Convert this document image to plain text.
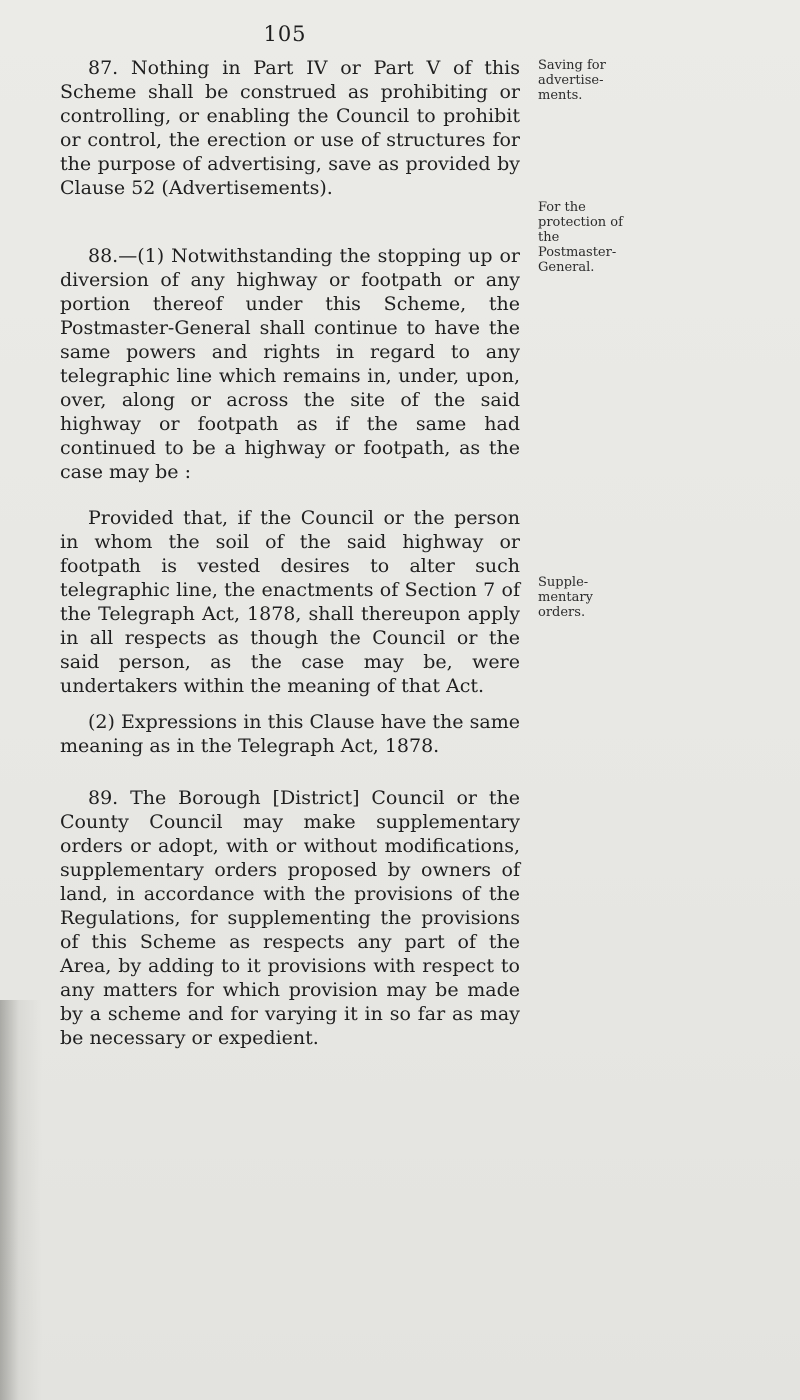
105

87. Nothing in Part IV or Part V of this Scheme shall be construed as prohibiting or controlling, or enabling the Council to prohibit or control, the erection or use of structures for the purpose of advertising, save as provided by Clause 52 (Advertisements).

88.—(1) Notwithstanding the stopping up or diversion of any highway or footpath or any portion thereof under this Scheme, the Postmaster-General shall continue to have the same powers and rights in regard to any telegraphic line which remains in, under, upon, over, along or across the site of the said highway or footpath as if the same had continued to be a highway or footpath, as the case may be :

Provided that, if the Council or the person in whom the soil of the said highway or footpath is vested desires to alter such telegraphic line, the enactments of Section 7 of the Telegraph Act, 1878, shall thereupon apply in all respects as though the Council or the said person, as the case may be, were undertakers within the meaning of that Act.

(2) Expressions in this Clause have the same meaning as in the Telegraph Act, 1878.

89. The Borough [District] Council or the County Council may make supplementary orders or adopt, with or without modifications, supplementary orders proposed by owners of land, in accordance with the provisions of the Regulations, for supplementing the provisions of this Scheme as respects any part of the Area, by adding to it provisions with respect to any matters for which provision may be made by a scheme and for varying it in so far as may be necessary or expedient.

Saving for advertise-ments.
For the protection of the Postmaster-General.
Supple-mentary orders.
